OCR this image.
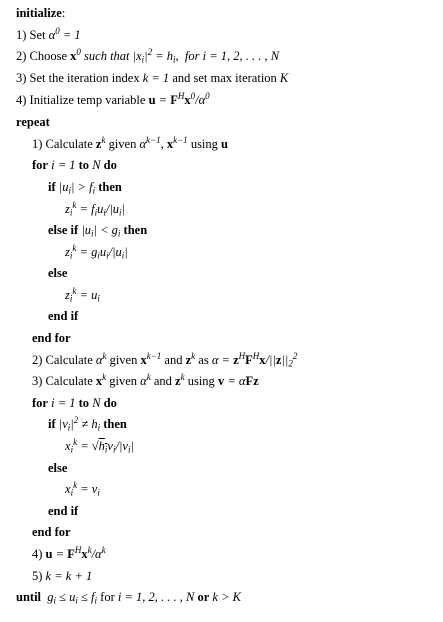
initialize:
1) Set $\alpha^0 = 1$
2) Choose $x^0$ such that $|x_i|^2 = h_i$,  for i = 1, 2, . . . , N
3) Set the iteration index k = 1 and set max iteration K
4) Initialize temp variable $u = F^Hx^0/\alpha^0$
repeat
1) Calculate $z^k$ given $\alpha^{k-1}$, $x^{k-1}$ using u
for i = 1 to N do
if $|u_i| > f_i$ then
$z_i^k = f_iu_i/|u_i|$
else if $|u_i| < g_i$ then
$z_i^k = g_iu_i/|u_i|$
else
$z_i^k = u_i$
end if
end for
2) Calculate $\alpha^k$ given $x^{k-1}$ and $z^k$ as $\alpha = z^HF^Hx/||z||_2^2$
3) Calculate $x^k$ given $\alpha^k$ and $z^k$ using v = αFz
for i = 1 to N do
if $|v_i|^2 \ne h_i$ then
$x_i^k = √h_iv_i/|v_i|$
else
$x_i^k = v_i$
end if
end for
4) $u = F^Hx^k/\alpha^k$
5) k = k + 1
until  $g_i \le u_i \le f_i$ for i = 1, 2, . . . , N or k > K
